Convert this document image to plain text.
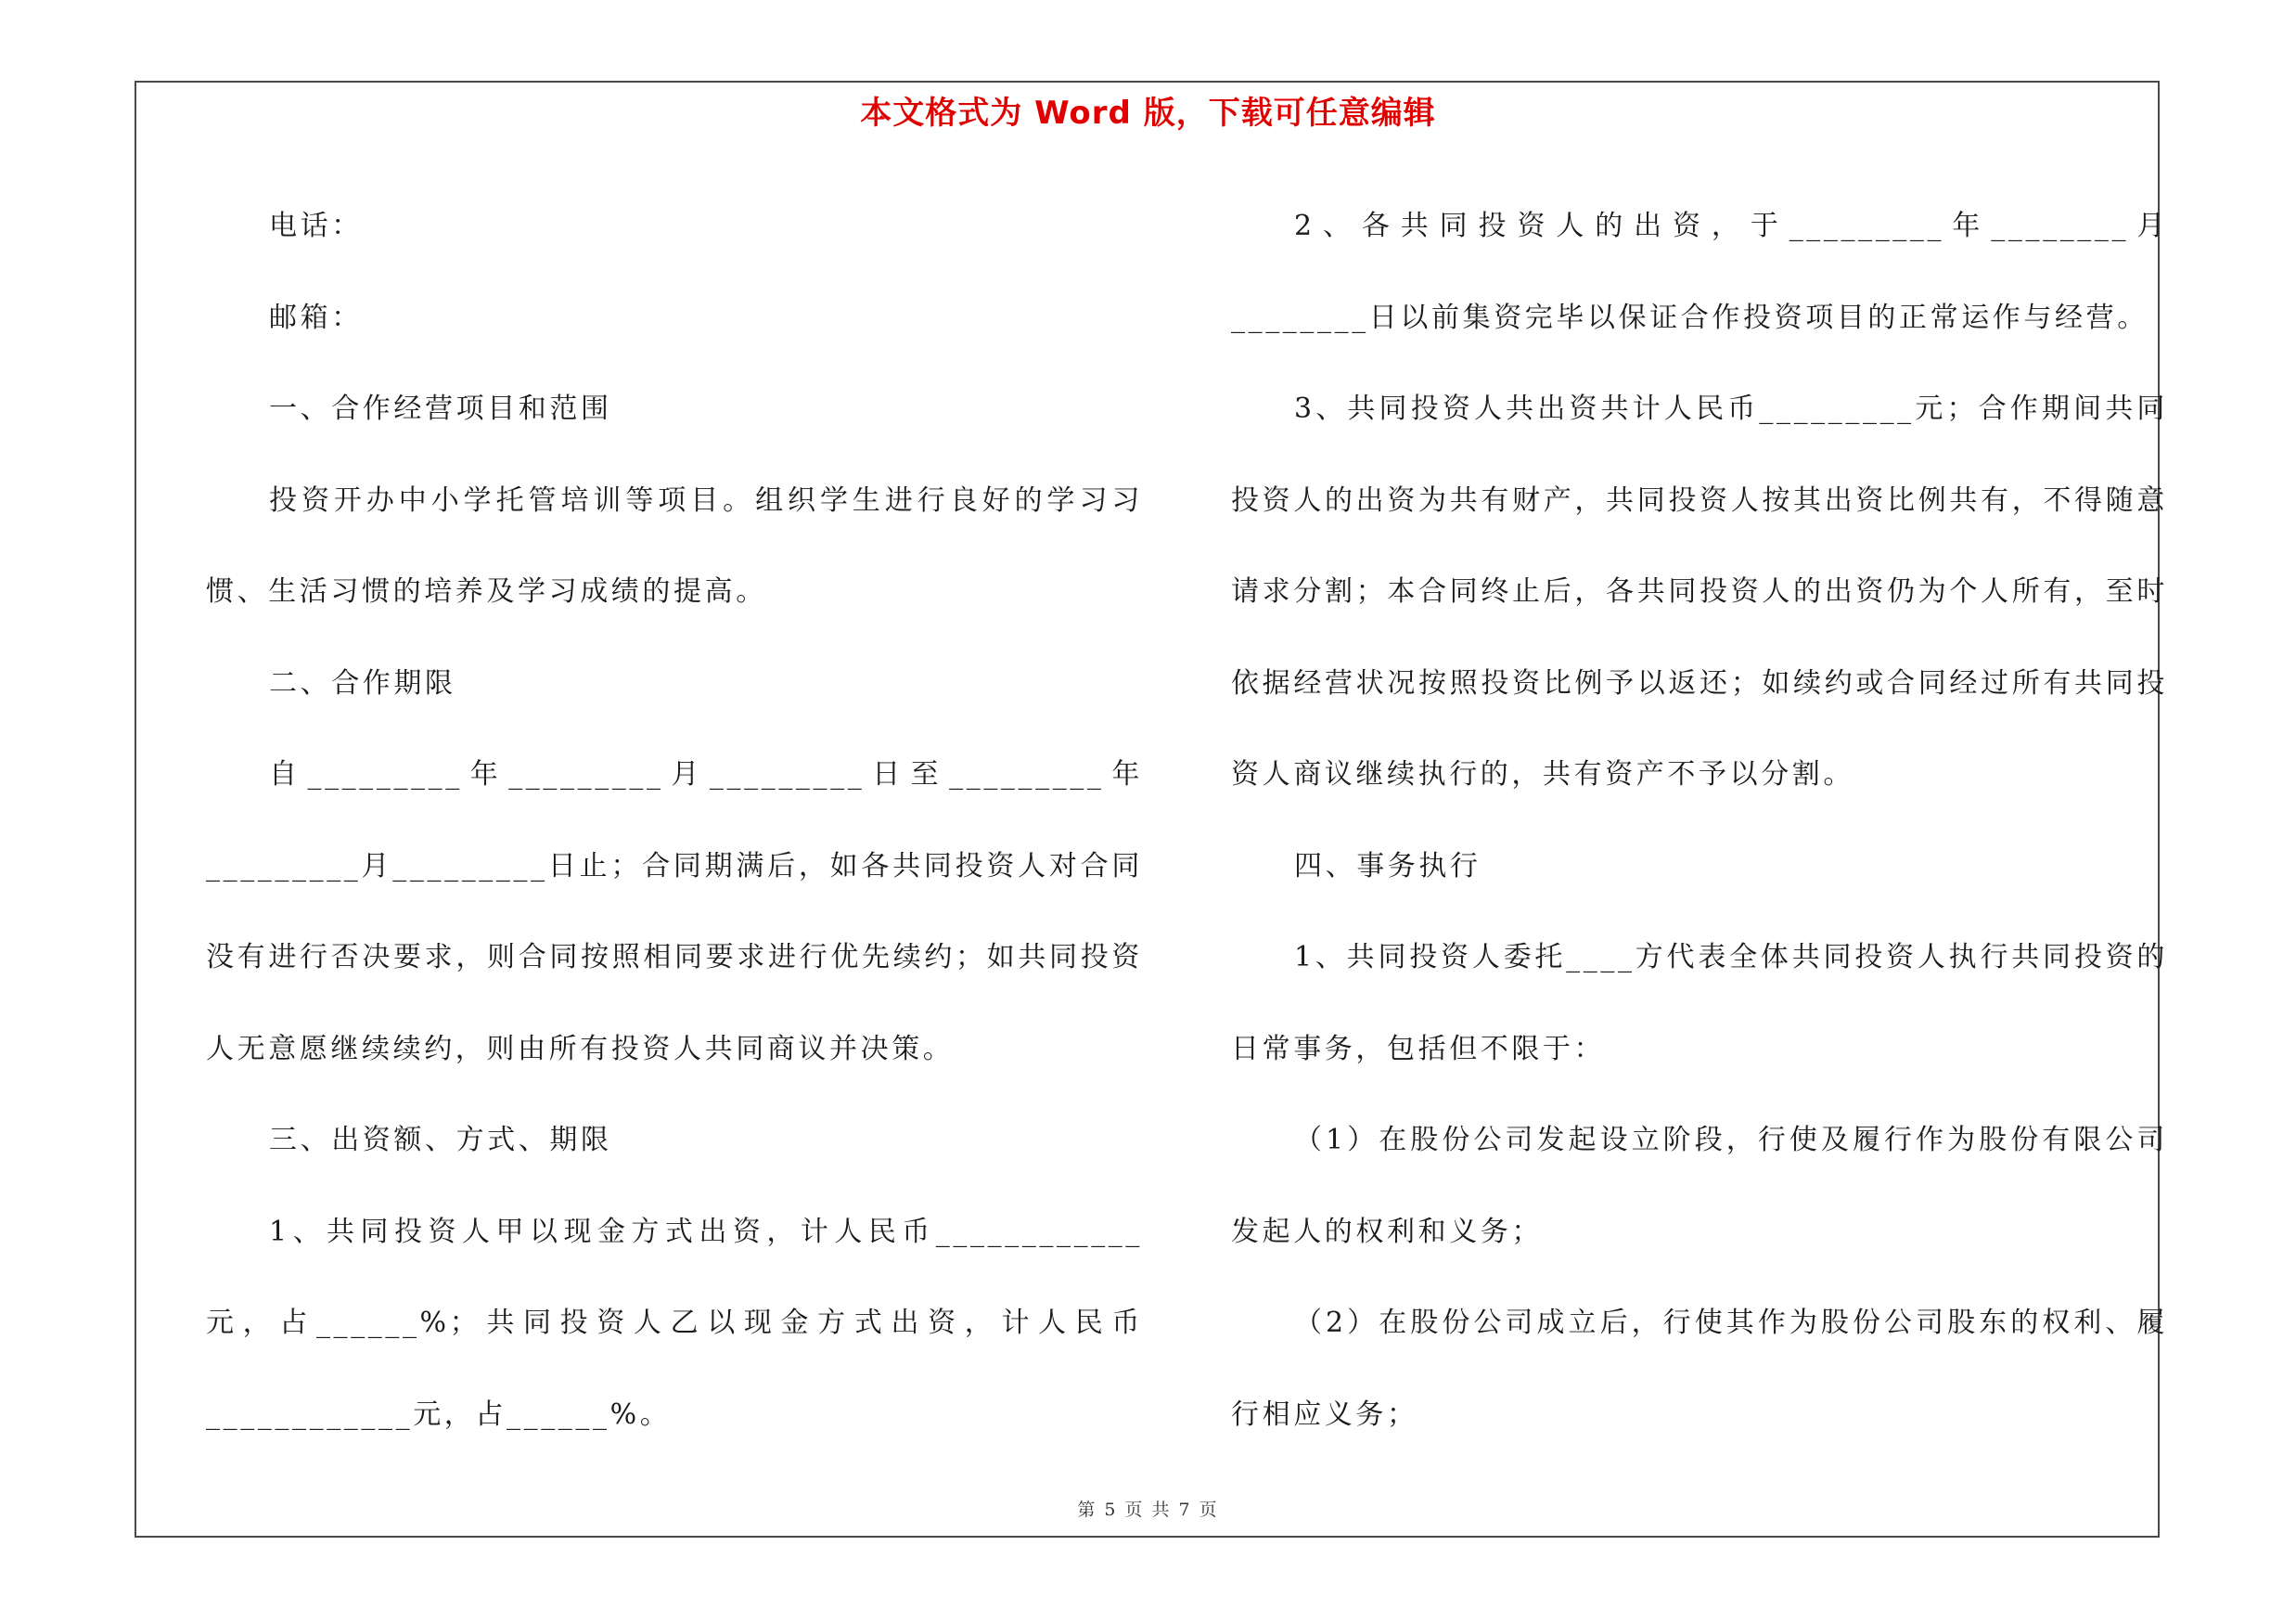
本文格式为 Word 版，下载可任意编辑

电话：

邮箱：

一、合作经营项目和范围

投资开办中小学托管培训等项目。组织学生进行良好的学习习惯、生活习惯的培养及学习成绩的提高。

二、合作期限

自_________年_________月_________日至_________年_________月_________日止；合同期满后，如各共同投资人对合同没有进行否决要求，则合同按照相同要求进行优先续约；如共同投资人无意愿继续续约，则由所有投资人共同商议并决策。

三、出资额、方式、期限

1、共同投资人甲以现金方式出资，计人民币____________元，占______%；共同投资人乙以现金方式出资，计人民币____________元，占______%。

2、各共同投资人的出资，于_________年________月________日以前集资完毕以保证合作投资项目的正常运作与经营。

3、共同投资人共出资共计人民币_________元；合作期间共同投资人的出资为共有财产，共同投资人按其出资比例共有，不得随意请求分割；本合同终止后，各共同投资人的出资仍为个人所有，至时依据经营状况按照投资比例予以返还；如续约或合同经过所有共同投资人商议继续执行的，共有资产不予以分割。

四、事务执行

1、共同投资人委托____方代表全体共同投资人执行共同投资的日常事务，包括但不限于：

（1）在股份公司发起设立阶段，行使及履行作为股份有限公司发起人的权利和义务；

（2）在股份公司成立后，行使其作为股份公司股东的权利、履行相应义务；

第 5 页 共 7 页
